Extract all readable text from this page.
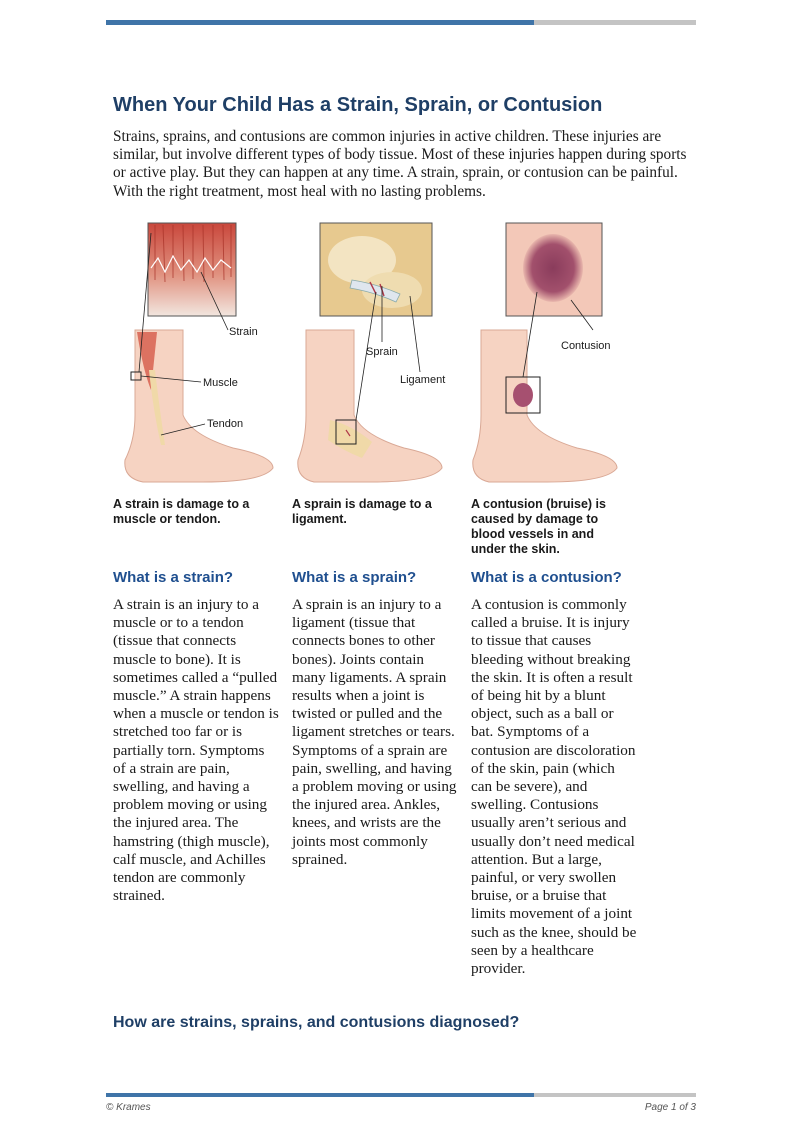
When Your Child Has a Strain, Sprain, or Contusion

Strains, sprains, and contusions are common injuries in active children. These injuries are similar, but involve different types of body tissue. Most of these injuries happen during sports or active play. But they can happen at any time. A strain, sprain, or contusion can be painful. With the right treatment, most heal with no lasting problems.

Strain
Muscle
Tendon

A strain is damage to a muscle or tendon.

Sprain
Ligament

A sprain is damage to a ligament.

Contusion

A contusion (bruise) is caused by damage to blood vessels in and under the skin.

What is a strain?	What is a sprain?	What is a contusion?

A strain is an injury to a muscle or to a tendon (tissue that connects muscle to bone). It is sometimes called a “pulled muscle.” A strain happens when a muscle or tendon is stretched too far or is partially torn. Symptoms of a strain are pain, swelling, and having a problem moving or using the injured area. The hamstring (thigh muscle), calf muscle, and Achilles tendon are commonly strained.

A sprain is an injury to a ligament (tissue that connects bones to other bones). Joints contain many ligaments. A sprain results when a joint is twisted or pulled and the ligament stretches or tears. Symptoms of a sprain are pain, swelling, and having a problem moving or using the injured area. Ankles, knees, and wrists are the joints most commonly sprained.

A contusion is commonly called a bruise. It is injury to tissue that causes bleeding without breaking the skin. It is often a result of being hit by a blunt object, such as a ball or bat. Symptoms of a contusion are discoloration of the skin, pain (which can be severe), and swelling. Contusions usually aren’t serious and usually don’t need medical attention. But a large, painful, or very swollen bruise, or a bruise that limits movement of a joint such as the knee, should be seen by a healthcare provider.

How are strains, sprains, and contusions diagnosed?

© Krames	Page 1 of 3
